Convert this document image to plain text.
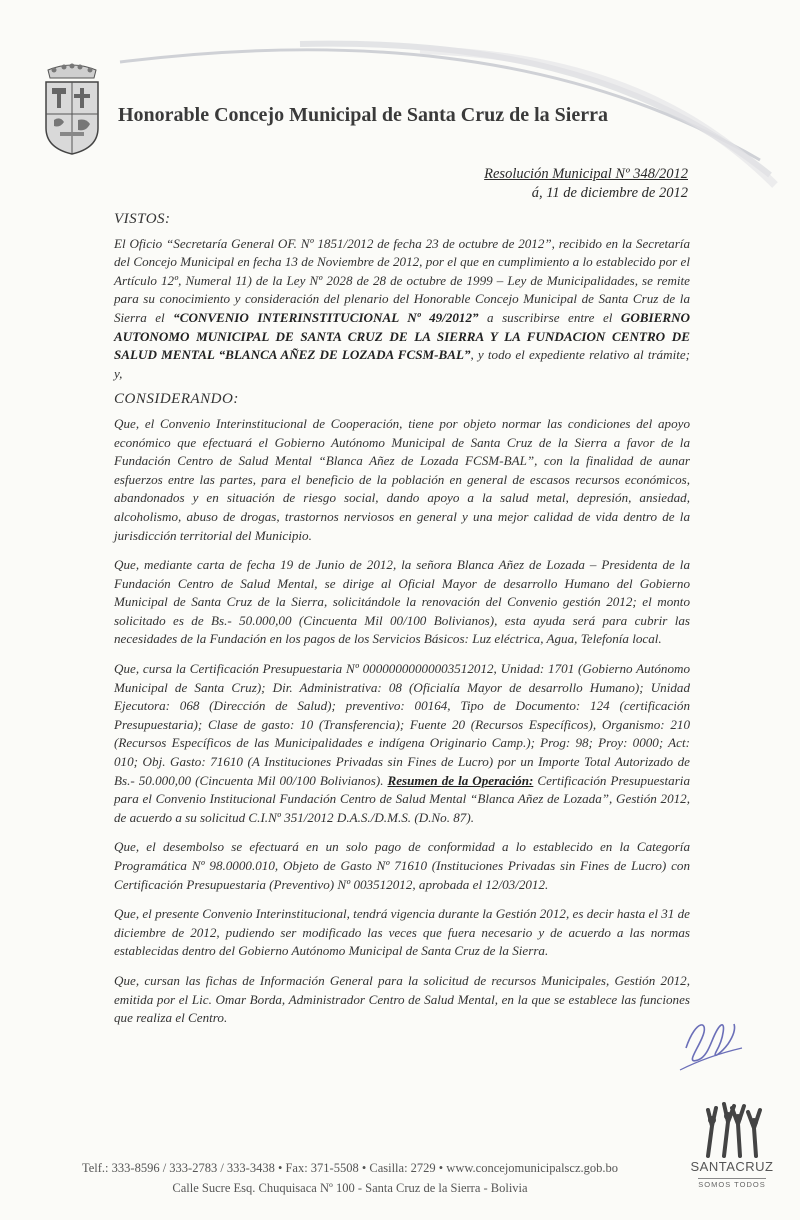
Honorable Concejo Municipal de Santa Cruz de la Sierra
Resolución Municipal Nº 348/2012
á, 11 de diciembre de 2012
VISTOS:

El Oficio “Secretaría General OF. Nº 1851/2012 de fecha 23 de octubre de 2012”, recibido en la Secretaría del Concejo Municipal en fecha 13 de Noviembre de 2012, por el que en cumplimiento a lo establecido por el Artículo 12º, Numeral 11) de la Ley Nº 2028 de 28 de octubre de 1999 – Ley de Municipalidades, se remite para su conocimiento y consideración del plenario del Honorable Concejo Municipal de Santa Cruz de la Sierra el “CONVENIO INTERINSTITUCIONAL Nº 49/2012” a suscribirse entre el GOBIERNO AUTONOMO MUNICIPAL DE SANTA CRUZ DE LA SIERRA Y LA FUNDACION CENTRO DE SALUD MENTAL “BLANCA AÑEZ DE LOZADA FCSM-BAL”, y todo el expediente relativo al trámite; y,

CONSIDERANDO:

Que, el Convenio Interinstitucional de Cooperación, tiene por objeto normar las condiciones del apoyo económico que efectuará el Gobierno Autónomo Municipal de Santa Cruz de la Sierra a favor de la Fundación Centro de Salud Mental “Blanca Añez de Lozada FCSM-BAL”, con la finalidad de aunar esfuerzos entre las partes, para el beneficio de la población en general de escasos recursos económicos, abandonados y en situación de riesgo social, dando apoyo a la salud metal, depresión, ansiedad, alcoholismo, abuso de drogas, trastornos nerviosos en general y una mejor calidad de vida dentro de la jurisdicción territorial del Municipio.

Que, mediante carta de fecha 19 de Junio de 2012, la señora Blanca Añez de Lozada – Presidenta de la Fundación Centro de Salud Mental, se dirige al Oficial Mayor de desarrollo Humano del Gobierno Municipal de Santa Cruz de la Sierra, solicitándole la renovación del Convenio gestión 2012; el monto solicitado es de Bs.- 50.000,00 (Cincuenta Mil 00/100 Bolivianos), esta ayuda será para cubrir las necesidades de la Fundación en los pagos de los Servicios Básicos: Luz eléctrica, Agua, Telefonía local.

Que, cursa la Certificación Presupuestaria Nº 00000000000003512012, Unidad: 1701 (Gobierno Autónomo Municipal de Santa Cruz); Dir. Administrativa: 08 (Oficialía Mayor de desarrollo Humano); Unidad Ejecutora: 068 (Dirección de Salud); preventivo: 00164, Tipo de Documento: 124 (certificación Presupuestaria); Clase de gasto: 10 (Transferencia); Fuente 20 (Recursos Específicos), Organismo: 210 (Recursos Específicos de las Municipalidades e indígena Originario Camp.); Prog: 98; Proy: 0000; Act: 010; Obj. Gasto: 71610 (A Instituciones Privadas sin Fines de Lucro) por un Importe Total Autorizado de Bs.- 50.000,00 (Cincuenta Mil 00/100 Bolivianos). Resumen de la Operación: Certificación Presupuestaria para el Convenio Institucional Fundación Centro de Salud Mental “Blanca Añez de Lozada”, Gestión 2012, de acuerdo a su solicitud C.I.Nº 351/2012 D.A.S./D.M.S. (D.No. 87).

Que, el desembolso se efectuará en un solo pago de conformidad a lo establecido en la Categoría Programática Nº 98.0000.010, Objeto de Gasto Nº 71610 (Instituciones Privadas sin Fines de Lucro) con Certificación Presupuestaria (Preventivo) Nº 003512012, aprobada el 12/03/2012.

Que, el presente Convenio Interinstitucional, tendrá vigencia durante la Gestión 2012, es decir hasta el 31 de diciembre de 2012, pudiendo ser modificado las veces que fuera necesario y de acuerdo a las normas establecidas dentro del Gobierno Autónomo Municipal de Santa Cruz de la Sierra.

Que, cursan las fichas de Información General para la solicitud de recursos Municipales, Gestión 2012, emitida por el Lic. Omar Borda, Administrador Centro de Salud Mental, en la que se establece las funciones que realiza el Centro.

Telf.: 333-8596 / 333-2783 / 333-3438 • Fax: 371-5508 • Casilla: 2729 • www.concejomunicipalscz.gob.bo
Calle Sucre Esq. Chuquisaca Nº 100 - Santa Cruz de la Sierra - Bolivia
SANTACRUZ
SOMOS TODOS
